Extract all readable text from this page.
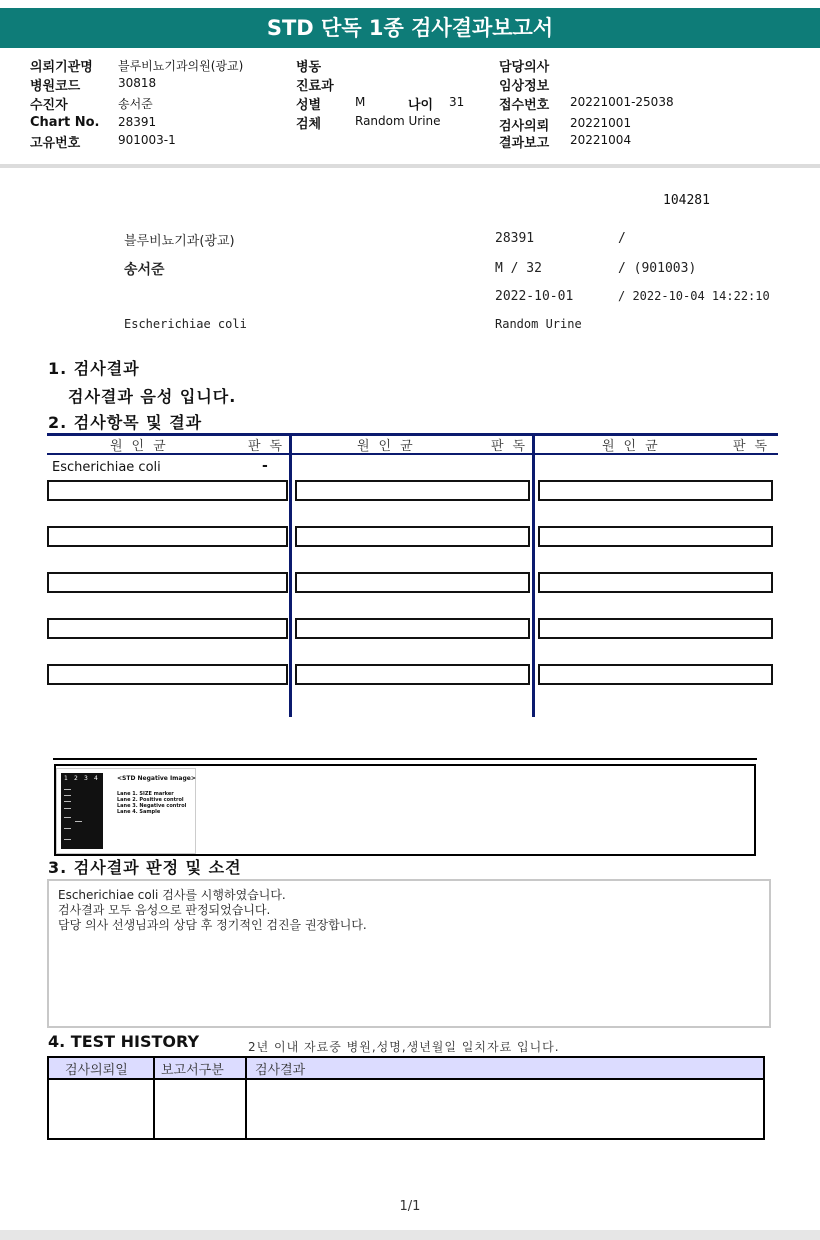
STD 단독 1종 검사결과보고서
의뢰기관명 블루비뇨기과의원(광교)	병동	담당의사
병원코드	30818	진료과	임상정보
수진자	송서준	성별	M	나이 31	접수번호 20221001-25038
Chart No. 28391	검체	Random Urine	검사의뢰 20221001
고유번호	901003-1	결과보고 20221004
104281
블루비뇨기과(광교)	28391	/
송서준	M / 32	/ (901003)
2022-10-01	/ 2022-10-04 14:22:10
Escherichiae coli	Random Urine
1. 검사결과
검사결과 음성 입니다.
2. 검사항목 및 결과
원인균	판독	원인균	판독	원인균	판독
Escherichiae coli	-
1 2 3 4	<STD Negative Image>
Lane 1. SIZE marker
Lane 2. Positive control
Lane 3. Negative control
Lane 4. Sample
3. 검사결과 판정 및 소견
Escherichiae coli 검사를 시행하였습니다.
검사결과 모두 음성으로 판정되었습니다.
담당 의사 선생님과의 상담 후 정기적인 검진을 권장합니다.
4. TEST HISTORY	2년 이내 자료중 병원,성명,생년월일 일치자료 입니다.
검사의뢰일	보고서구분 검사결과
1/1
